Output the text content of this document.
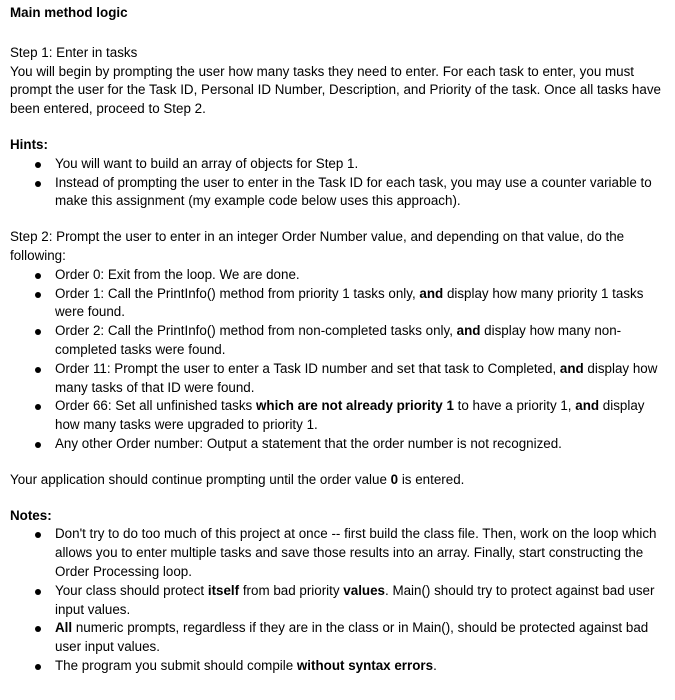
Main method logic

Step 1: Enter in tasks

You will begin by prompting the user how many tasks they need to enter. For each task to enter, you must prompt the user for the Task ID, Personal ID Number, Description, and Priority of the task. Once all tasks have been entered, proceed to Step 2.

Hints:

You will want to build an array of objects for Step 1.
Instead of prompting the user to enter in the Task ID for each task, you may use a counter variable to make this assignment (my example code below uses this approach).

Step 2: Prompt the user to enter in an integer Order Number value, and depending on that value, do the following:

Order 0: Exit from the loop. We are done.
Order 1: Call the PrintInfo() method from priority 1 tasks only, and display how many priority 1 tasks were found.
Order 2: Call the PrintInfo() method from non-completed tasks only, and display how many non-completed tasks were found.
Order 11: Prompt the user to enter a Task ID number and set that task to Completed, and display how many tasks of that ID were found.
Order 66: Set all unfinished tasks which are not already priority 1 to have a priority 1, and display how many tasks were upgraded to priority 1.
Any other Order number: Output a statement that the order number is not recognized.

Your application should continue prompting until the order value 0 is entered.

Notes:

Don't try to do too much of this project at once -- first build the class file. Then, work on the loop which allows you to enter multiple tasks and save those results into an array. Finally, start constructing the Order Processing loop.
Your class should protect itself from bad priority values. Main() should try to protect against bad user input values.
All numeric prompts, regardless if they are in the class or in Main(), should be protected against bad user input values.
The program you submit should compile without syntax errors.
